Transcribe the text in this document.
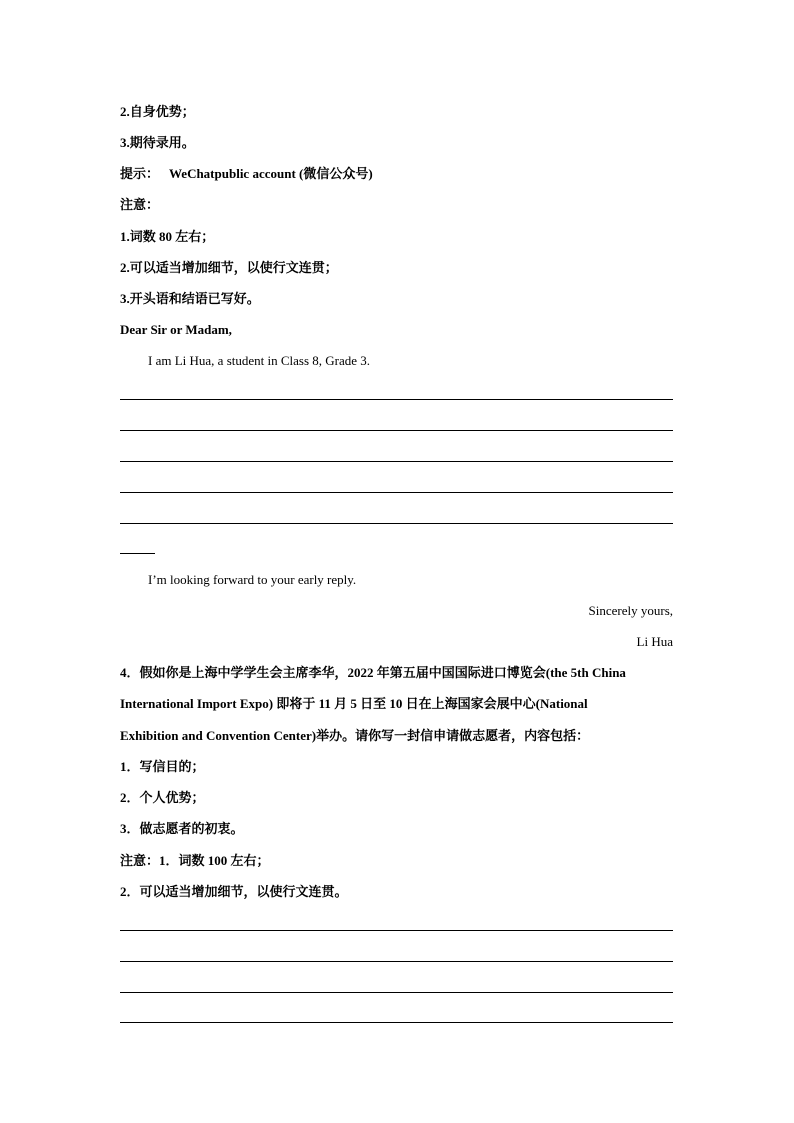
2.自身优势；
3.期待录用。
提示： WeChatpublic account (微信公众号)
注意：
1.词数 80 左右；
2.可以适当增加细节，以使行文连贯；
3.开头语和结语已写好。
Dear Sir or Madam,
I am Li Hua, a student in Class 8, Grade 3.
I’m looking forward to your early reply.
Sincerely yours,
Li Hua
4．假如你是上海中学学生会主席李华，2022 年第五届中国国际进口博览会(the 5th China
International Import Expo) 即将于 11 月 5 日至 10 日在上海国家会展中心(National
Exhibition and Convention Center)举办。请你写一封信申请做志愿者，内容包括：
1．写信目的；
2．个人优势；
3．做志愿者的初衷。
注意：1．词数 100 左右；
2．可以适当增加细节，以使行文连贯。
